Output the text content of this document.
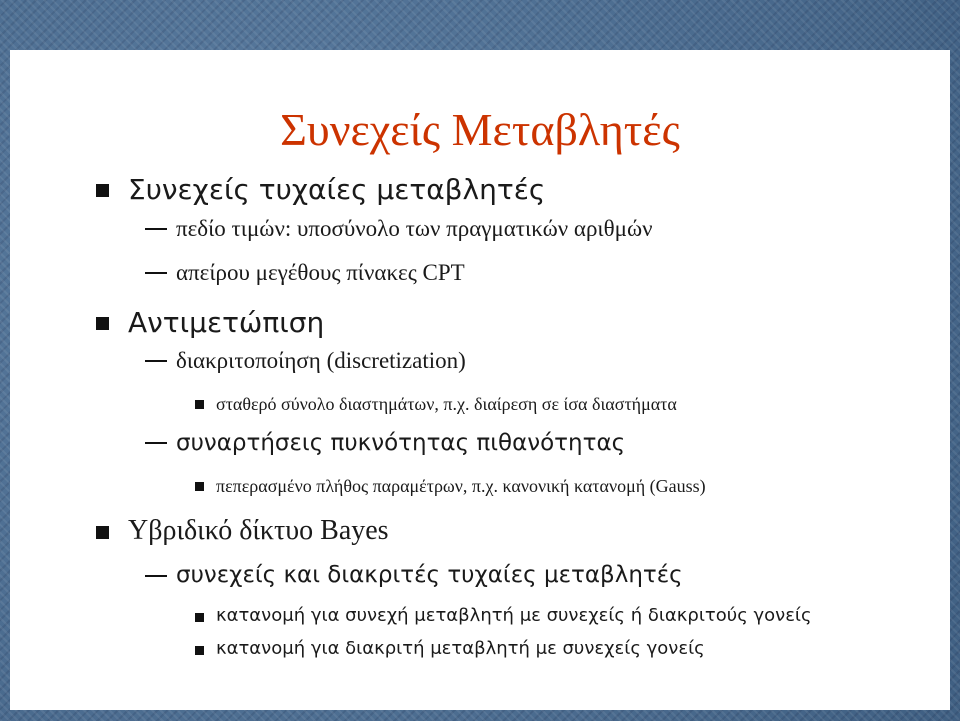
Συνεχείς Μεταβλητές
Συνεχείς τυχαίες μεταβλητές
πεδίο τιμών: υποσύνολο των πραγματικών αριθμών
απείρου μεγέθους πίνακες CPT
Αντιμετώπιση
διακριτοποίηση (discretization)
σταθερό σύνολο διαστημάτων, π.χ. διαίρεση σε ίσα διαστήματα
συναρτήσεις πυκνότητας πιθανότητας
πεπερασμένο πλήθος παραμέτρων, π.χ. κανονική κατανομή (Gauss)
Υβριδικό δίκτυο Bayes
συνεχείς και διακριτές τυχαίες μεταβλητές
κατανομή για συνεχή μεταβλητή με συνεχείς ή διακριτούς γονείς
κατανομή για διακριτή μεταβλητή με συνεχείς γονείς
